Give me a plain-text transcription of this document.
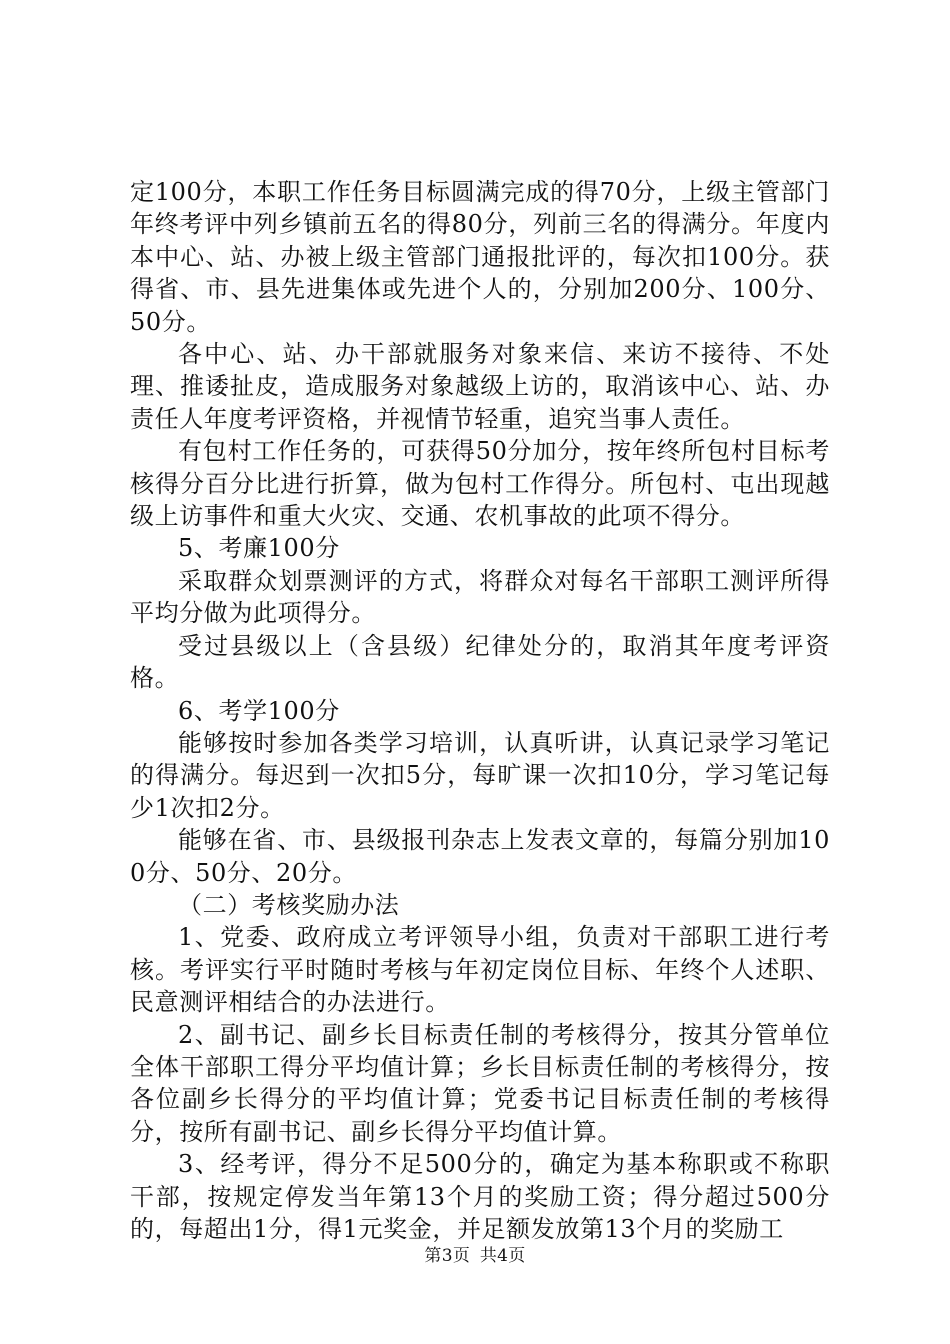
定100分，本职工作任务目标圆满完成的得70分，上级主管部门年终考评中列乡镇前五名的得80分，列前三名的得满分。年度内本中心、站、办被上级主管部门通报批评的，每次扣100分。获得省、市、县先进集体或先进个人的，分别加200分、100分、50分。

各中心、站、办干部就服务对象来信、来访不接待、不处理、推诿扯皮，造成服务对象越级上访的，取消该中心、站、办责任人年度考评资格，并视情节轻重，追究当事人责任。

有包村工作任务的，可获得50分加分，按年终所包村目标考核得分百分比进行折算，做为包村工作得分。所包村、屯出现越级上访事件和重大火灾、交通、农机事故的此项不得分。

5、考廉100分

采取群众划票测评的方式，将群众对每名干部职工测评所得平均分做为此项得分。

受过县级以上（含县级）纪律处分的，取消其年度考评资格。

6、考学100分

能够按时参加各类学习培训，认真听讲，认真记录学习笔记的得满分。每迟到一次扣5分，每旷课一次扣10分，学习笔记每少1次扣2分。

能够在省、市、县级报刊杂志上发表文章的，每篇分别加100分、50分、20分。

（二）考核奖励办法

1、党委、政府成立考评领导小组，负责对干部职工进行考核。考评实行平时随时考核与年初定岗位目标、年终个人述职、民意测评相结合的办法进行。

2、副书记、副乡长目标责任制的考核得分，按其分管单位全体干部职工得分平均值计算；乡长目标责任制的考核得分，按各位副乡长得分的平均值计算；党委书记目标责任制的考核得分，按所有副书记、副乡长得分平均值计算。

3、经考评，得分不足500分的，确定为基本称职或不称职干部，按规定停发当年第13个月的奖励工资；得分超过500分的，每超出1分，得1元奖金，并足额发放第13个月的奖励工

第3页 共4页
